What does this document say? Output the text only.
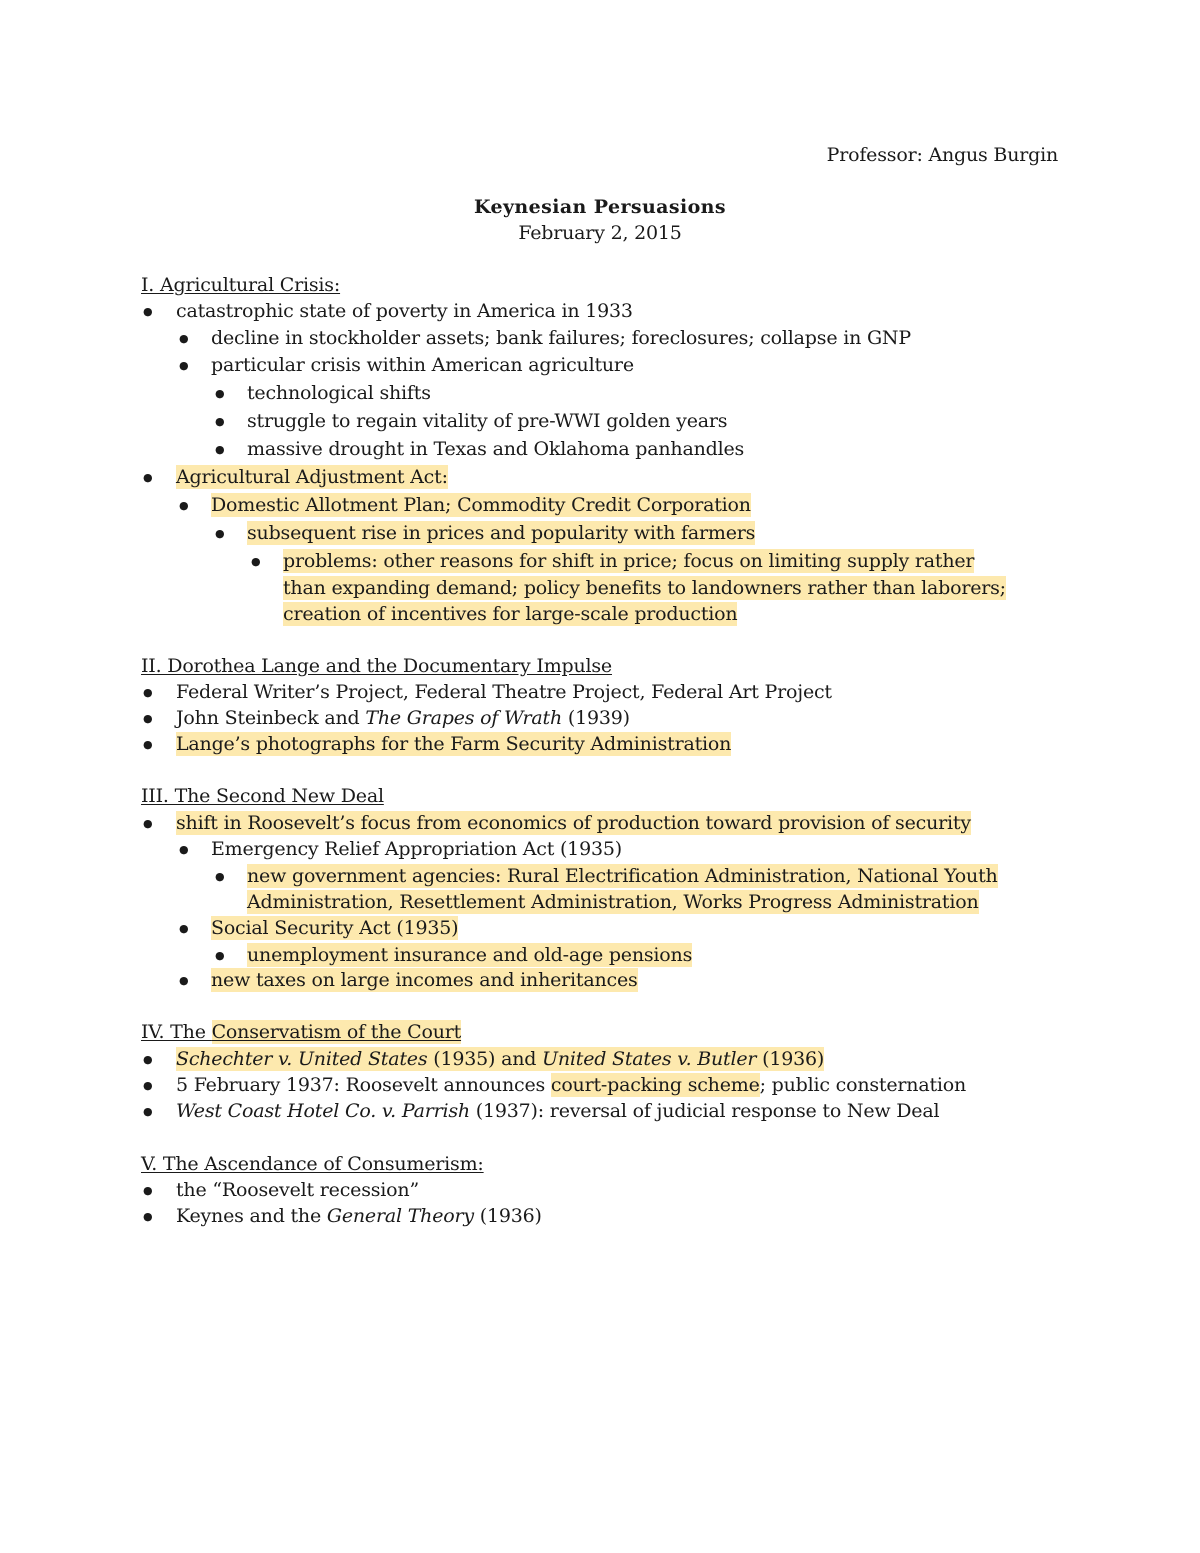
Professor: Angus Burgin
Keynesian Persuasions
February 2, 2015
I. Agricultural Crisis:
● catastrophic state of poverty in America in 1933
● decline in stockholder assets; bank failures; foreclosures; collapse in GNP
● particular crisis within American agriculture
● technological shifts
● struggle to regain vitality of pre-WWI golden years
● massive drought in Texas and Oklahoma panhandles
● Agricultural Adjustment Act:
● Domestic Allotment Plan; Commodity Credit Corporation
● subsequent rise in prices and popularity with farmers
● problems: other reasons for shift in price; focus on limiting supply rather
than expanding demand; policy benefits to landowners rather than laborers;
creation of incentives for large-scale production
II. Dorothea Lange and the Documentary Impulse
● Federal Writer’s Project, Federal Theatre Project, Federal Art Project
● John Steinbeck and The Grapes of Wrath (1939)
● Lange’s photographs for the Farm Security Administration
III. The Second New Deal
● shift in Roosevelt’s focus from economics of production toward provision of security
● Emergency Relief Appropriation Act (1935)
● new government agencies: Rural Electrification Administration, National Youth
Administration, Resettlement Administration, Works Progress Administration
● Social Security Act (1935)
● unemployment insurance and old-age pensions
● new taxes on large incomes and inheritances
IV. The Conservatism of the Court
● Schechter v. United States (1935) and United States v. Butler (1936)
● 5 February 1937: Roosevelt announces court-packing scheme; public consternation
● West Coast Hotel Co. v. Parrish (1937): reversal of judicial response to New Deal
V. The Ascendance of Consumerism:
● the “Roosevelt recession”
● Keynes and the General Theory (1936)
